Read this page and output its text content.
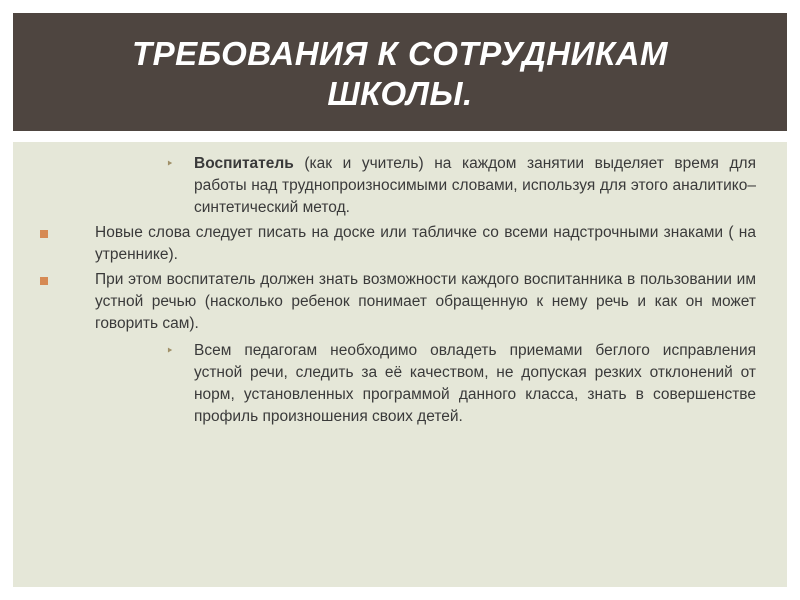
ТРЕБОВАНИЯ К СОТРУДНИКАМ
ШКОЛЫ.

‣ Воспитатель (как и учитель) на каждом занятии выделяет время для работы над труднопроизносимыми словами, используя для этого аналитико–синтетический метод.

Новые слова следует писать на доске или табличке со всеми надстрочными знаками ( на утреннике).

При этом воспитатель должен знать возможности каждого воспитанника в пользовании им устной речью (насколько ребенок понимает обращенную к нему речь и как он может говорить сам).

‣ Всем педагогам необходимо овладеть приемами беглого исправления устной речи, следить за её качеством, не допуская резких отклонений от норм, установленных программой данного класса, знать в совершенстве профиль произношения своих детей.
